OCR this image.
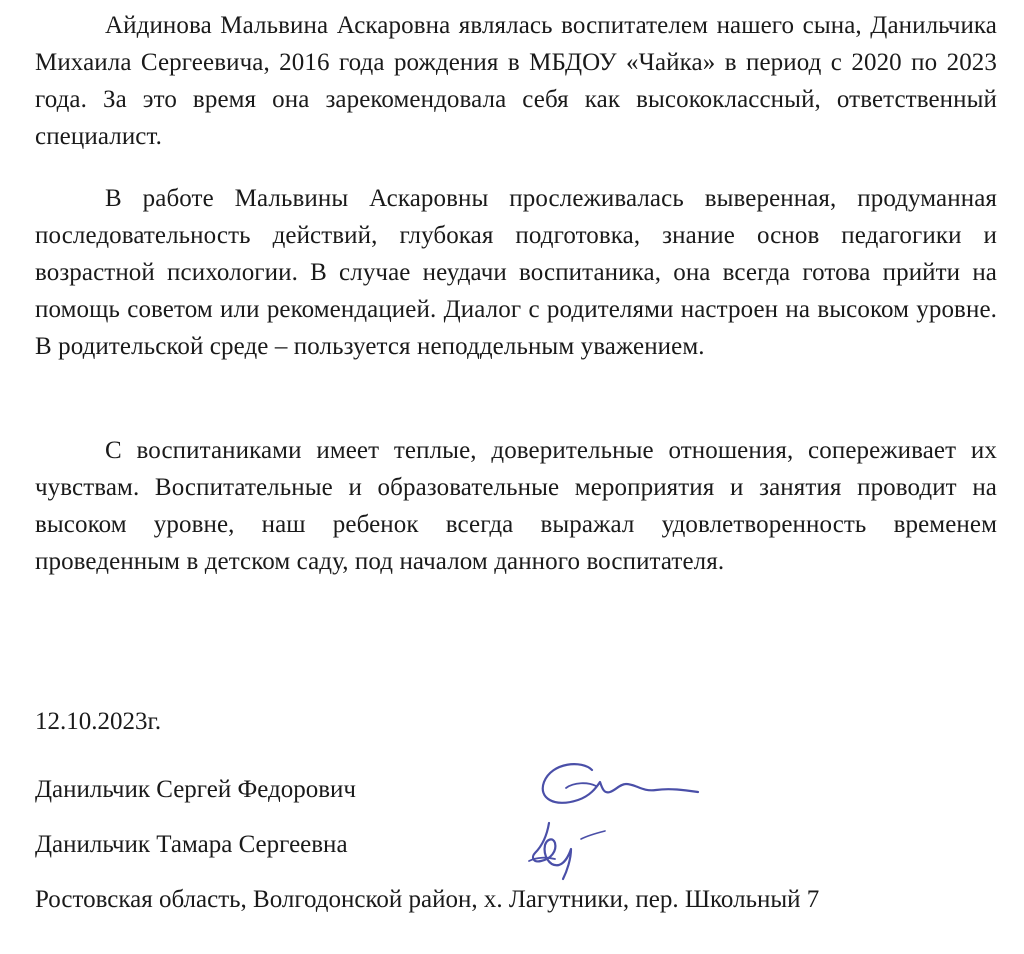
Айдинова Мальвина Аскаровна являлась воспитателем нашего сына, Данильчика Михаила Сергеевича, 2016 года рождения в МБДОУ «Чайка» в период с 2020 по 2023 года. За это время она зарекомендовала себя как высококлассный, ответственный специалист.

В работе Мальвины Аскаровны прослеживалась выверенная, продуманная последовательность действий, глубокая подготовка, знание основ педагогики и возрастной психологии. В случае неудачи воспитаника, она всегда готова прийти на помощь советом или рекомендацией. Диалог с родителями настроен на высоком уровне. В родительской среде – пользуется неподдельным уважением.

С воспитаниками имеет теплые, доверительные отношения, сопереживает их чувствам. Воспитательные и образовательные мероприятия и занятия проводит на высоком уровне, наш ребенок всегда выражал удовлетворенность временем проведенным в детском саду, под началом данного воспитателя.

12.10.2023г.

Данильчик Сергей Федорович

Данильчик Тамара Сергеевна

Ростовская область, Волгодонской район, х. Лагутники, пер. Школьный 7
